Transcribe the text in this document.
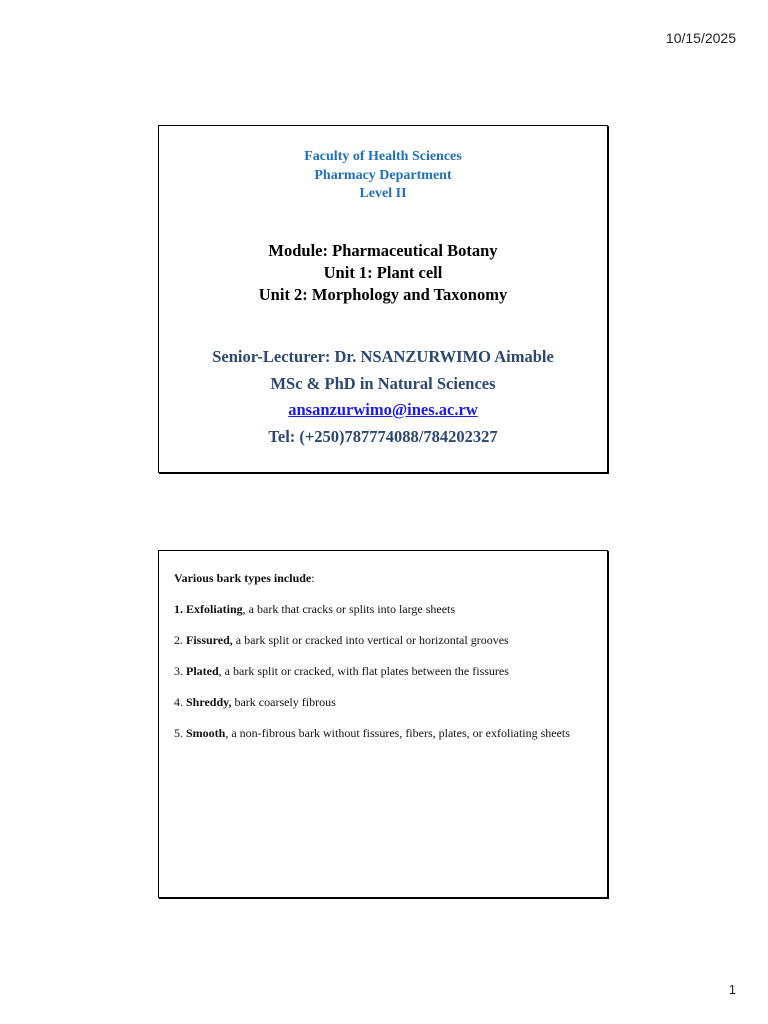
10/15/2025
Faculty of Health Sciences
Pharmacy Department
Level II
Module: Pharmaceutical Botany
Unit 1: Plant cell
Unit 2: Morphology and Taxonomy
Senior-Lecturer: Dr. NSANZURWIMO Aimable
MSc & PhD in Natural Sciences
ansanzurwimo@ines.ac.rw
Tel: (+250)787774088/784202327

Various bark types include:

1. Exfoliating, a bark that cracks or splits into large sheets

2. Fissured, a bark split or cracked into vertical or horizontal grooves

3. Plated, a bark split or cracked, with flat plates between the fissures

4. Shreddy, bark coarsely fibrous

5. Smooth, a non-fibrous bark without fissures, fibers, plates, or exfoliating sheets

1
